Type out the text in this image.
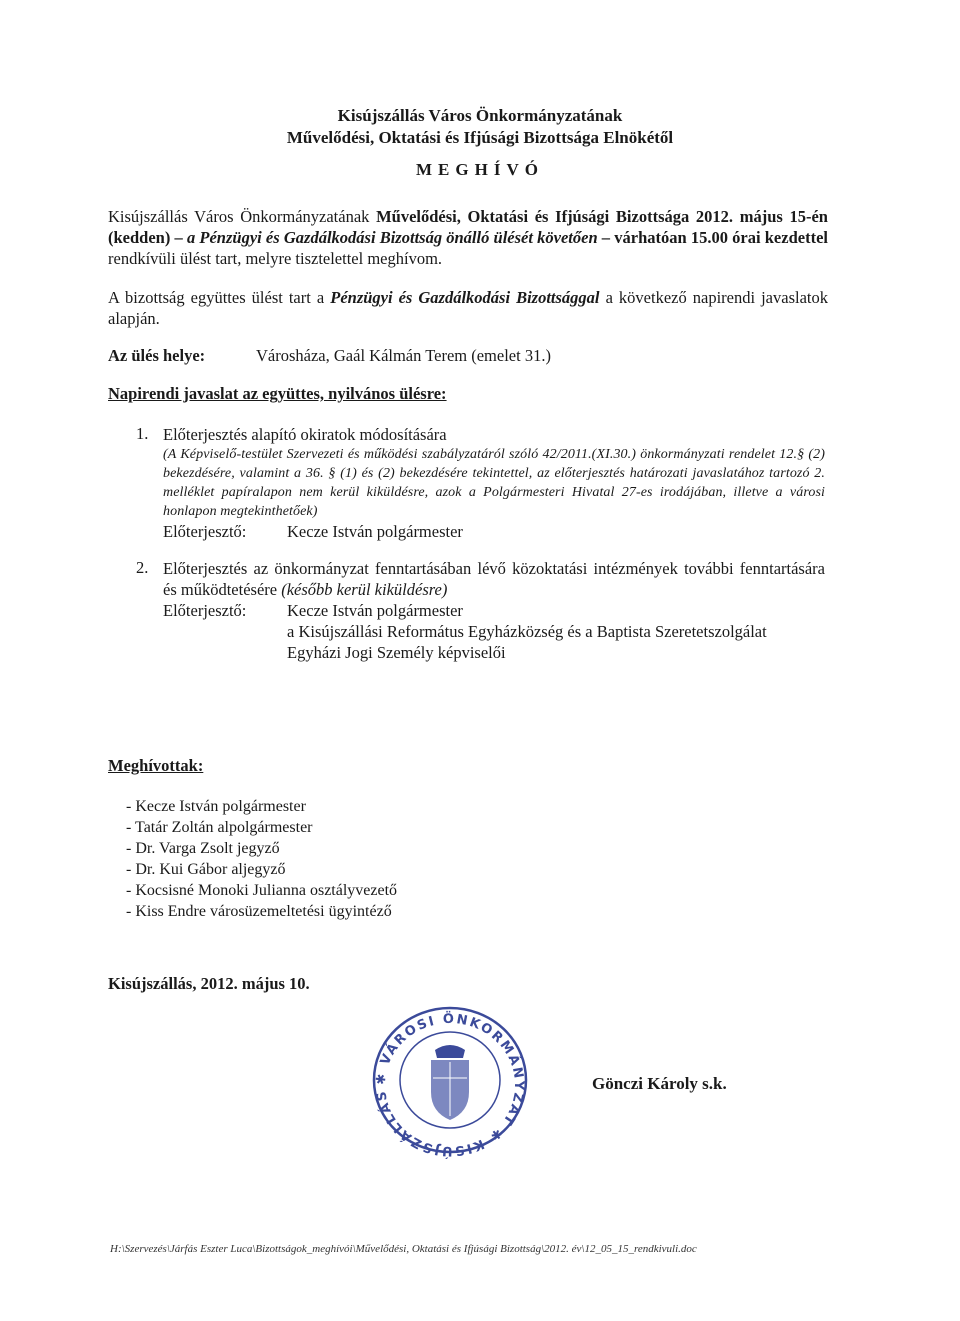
Kisújszállás Város Önkormányzatának
Művelődési, Oktatási és Ifjúsági Bizottsága Elnökétől
MEGHÍVÓ
Kisújszállás Város Önkormányzatának Művelődési, Oktatási és Ifjúsági Bizottsága 2012. május 15-én (kedden) – a Pénzügyi és Gazdálkodási Bizottság önálló ülését követően – várhatóan 15.00 órai kezdettel rendkívüli ülést tart, melyre tisztelettel meghívom.
A bizottság együttes ülést tart a Pénzügyi és Gazdálkodási Bizottsággal a következő napirendi javaslatok alapján.
Az ülés helye:	Városháza, Gaál Kálmán Terem (emelet 31.)
Napirendi javaslat az együttes, nyilvános ülésre:
1. Előterjesztés alapító okiratok módosítására
(A Képviselő-testület Szervezeti és működési szabályzatáról szóló 42/2011.(XI.30.) önkormányzati rendelet 12.§ (2) bekezdésére, valamint a 36. § (1) és (2) bekezdésére tekintettel, az előterjesztés határozati javaslatához tartozó 2. melléklet papíralapon nem kerül kiküldésre, azok a Polgármesteri Hivatal 27-es irodájában, illetve a városi honlapon megtekinthetőek)
Előterjesztő: Kecze István polgármester
2. Előterjesztés az önkormányzat fenntartásában lévő közoktatási intézmények további fenntartására és működtetésére (később kerül kiküldésre)
Előterjesztő: Kecze István polgármester
a Kisújszállási Református Egyházközség és a Baptista Szeretetszolgálat
Egyházi Jogi Személy képviselői
Meghívottak:
- Kecze István polgármester
- Tatár Zoltán alpolgármester
- Dr. Varga Zsolt jegyző
- Dr. Kui Gábor aljegyző
- Kocsisné Monoki Julianna osztályvezető
- Kiss Endre városüzemeltetési ügyintéző
Kisújszállás, 2012. május 10.
✱ VÁROSI ÖNKORMÁNYZAT ✱ KISÚJSZÁLLÁS
Gönczi Károly s.k.
H:\Szervezés\Járfás Eszter Luca\Bizottságok_meghívói\Művelődési, Oktatási és Ifjúsági Bizottság\2012. év\12_05_15_rendkivuli.doc
